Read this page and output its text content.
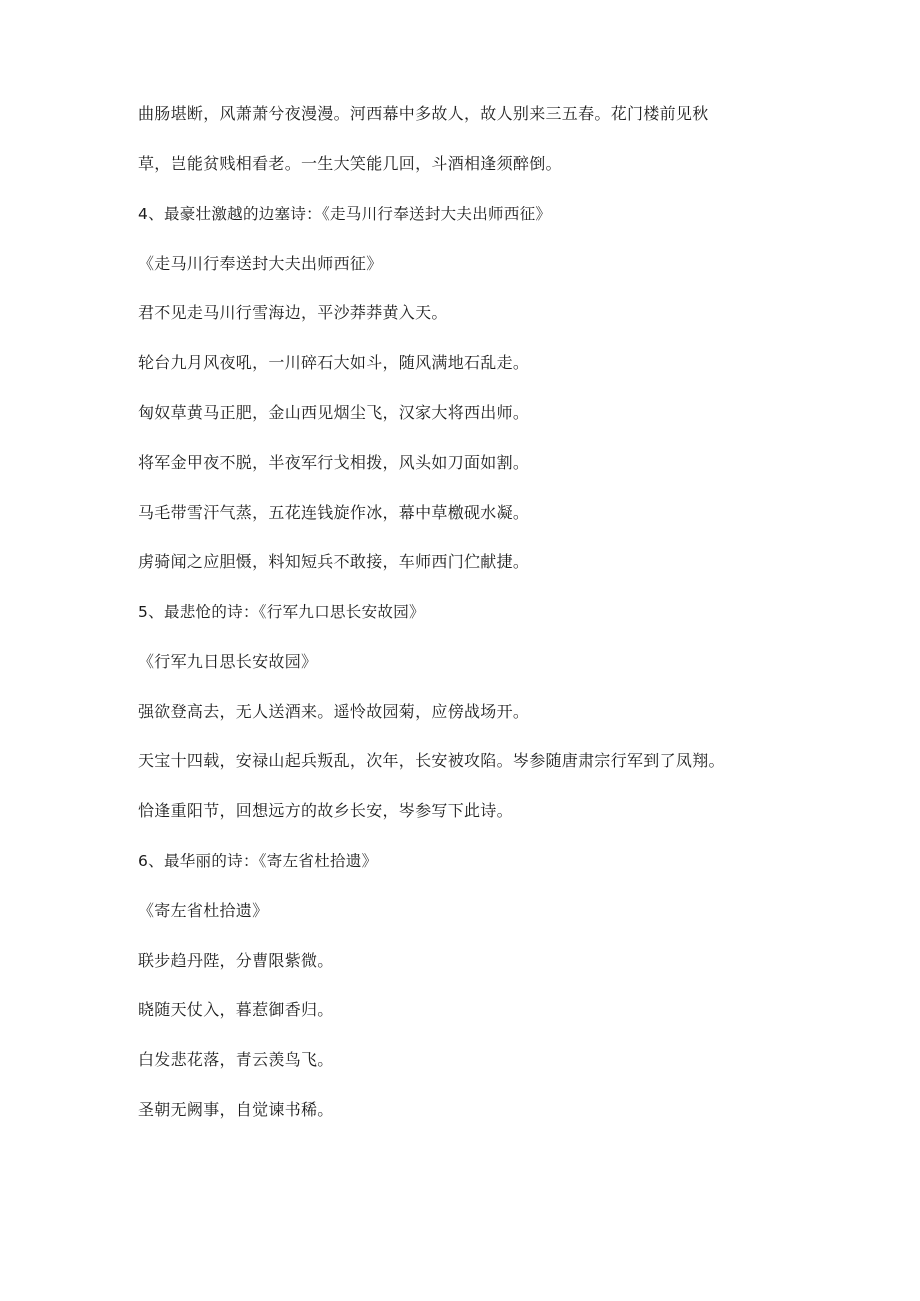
曲肠堪断，风萧萧兮夜漫漫。河西幕中多故人，故人别来三五春。花门楼前见秋
草，岂能贫贱相看老。一生大笑能几回，斗酒相逢须醉倒。
4、最豪壮激越的边塞诗：《走马川行奉送封大夫出师西征》
《走马川行奉送封大夫出师西征》
君不见走马川行雪海边，平沙莽莽黄入天。
轮台九月风夜吼，一川碎石大如斗，随风满地石乱走。
匈奴草黄马正肥，金山西见烟尘飞，汉家大将西出师。
将军金甲夜不脱，半夜军行戈相拨，风头如刀面如割。
马毛带雪汗气蒸，五花连钱旋作冰，幕中草檄砚水凝。
虏骑闻之应胆慑，料知短兵不敢接，车师西门伫献捷。
5、最悲怆的诗：《行军九口思长安故园》
《行军九日思长安故园》
强欲登高去，无人送酒来。遥怜故园菊，应傍战场开。
天宝十四载，安禄山起兵叛乱，次年，长安被攻陷。岑参随唐肃宗行军到了凤翔。
恰逢重阳节，回想远方的故乡长安，岑参写下此诗。
6、最华丽的诗：《寄左省杜拾遗》
《寄左省杜拾遗》
联步趋丹陛，分曹限紫微。
晓随天仗入，暮惹御香归。
白发悲花落，青云羡鸟飞。
圣朝无阙事，自觉谏书稀。
